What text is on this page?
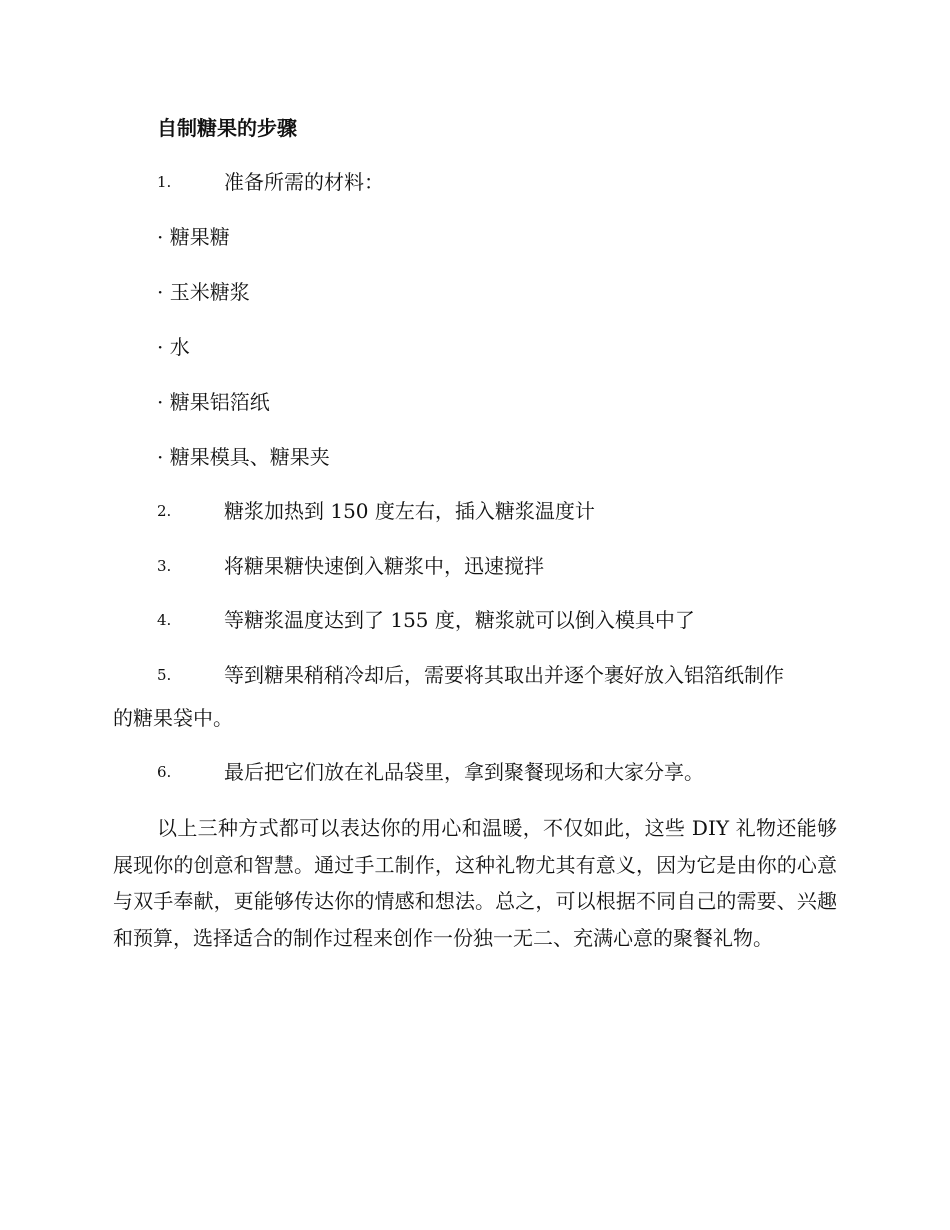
自制糖果的步骤
1.	准备所需的材料：
· 糖果糖
· 玉米糖浆
· 水
· 糖果铝箔纸
· 糖果模具、糖果夹
2.	糖浆加热到 150 度左右，插入糖浆温度计
3.	将糖果糖快速倒入糖浆中，迅速搅拌
4.	等糖浆温度达到了 155 度，糖浆就可以倒入模具中了
5.	等到糖果稍稍冷却后，需要将其取出并逐个裹好放入铝箔纸制作
的糖果袋中。
6.	最后把它们放在礼品袋里，拿到聚餐现场和大家分享。
以上三种方式都可以表达你的用心和温暖，不仅如此，这些 DIY 礼物还能够展现你的创意和智慧。通过手工制作，这种礼物尤其有意义，因为它是由你的心意与双手奉献，更能够传达你的情感和想法。总之，可以根据不同自己的需要、兴趣和预算，选择适合的制作过程来创作一份独一无二、充满心意的聚餐礼物。
